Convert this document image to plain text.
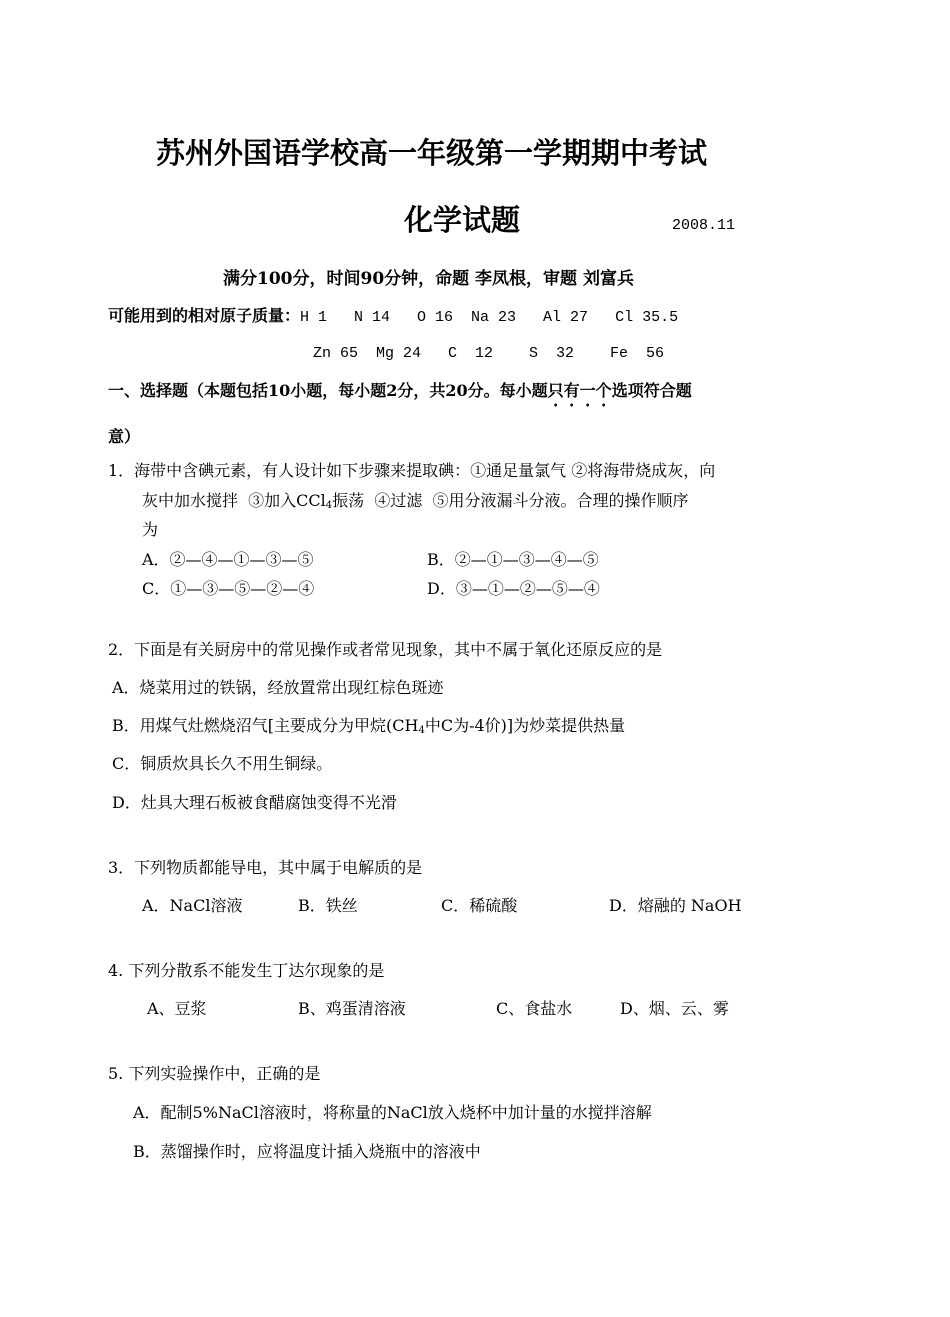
苏州外国语学校高一年级第一学期期中考试
化学试题	2008.11
满分100分，时间90分钟，命题 李凤根，审题 刘富兵
可能用到的相对原子质量：H 1   N 14   O 16  Na 23   Al 27   Cl 35.5
Zn 65  Mg 24   C  12    S  32    Fe  56
一、选择题（本题包括10小题，每小题2分，共20分。每小题只有一个选项符合题
意）
1．海带中含碘元素，有人设计如下步骤来提取碘：①通足量氯气 ②将海带烧成灰，向
灰中加水搅拌  ③加入CCl$_4$振荡  ④过滤  ⑤用分液漏斗分液。合理的操作顺序
为
A．②—④—①—③—⑤	B．②—①—③—④—⑤
C．①—③—⑤—②—④	D．③—①—②—⑤—④
2．下面是有关厨房中的常见操作或者常见现象，其中不属于氧化还原反应的是
A．烧菜用过的铁锅，经放置常出现红棕色斑迹
B．用煤气灶燃烧沼气[主要成分为甲烷($CH_4$中C为-4价)]为炒菜提供热量
C．铜质炊具长久不用生铜绿。
D．灶具大理石板被食醋腐蚀变得不光滑
3．下列物质都能导电，其中属于电解质的是
A．NaCl溶液	B．铁丝	C．稀硫酸	D．熔融的 NaOH
4. 下列分散系不能发生丁达尔现象的是
A、豆浆	B、鸡蛋清溶液	C、食盐水	D、烟、云、雾
5. 下列实验操作中，正确的是
A．配制5%NaCl溶液时，将称量的NaCl放入烧杯中加计量的水搅拌溶解
B．蒸馏操作时，应将温度计插入烧瓶中的溶液中
